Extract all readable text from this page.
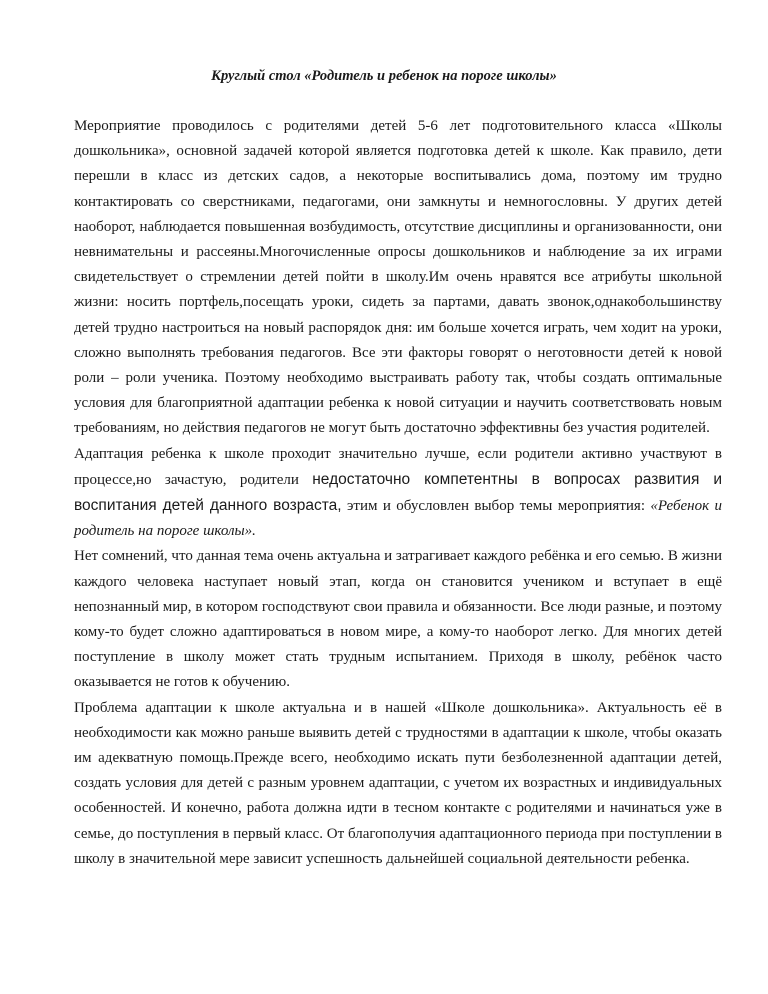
Круглый стол «Родитель и ребенок на пороге школы»

Мероприятие проводилось с родителями детей 5-6 лет подготовительного класса «Школы дошкольника», основной задачей которой является подготовка детей к школе. Как правило, дети перешли в класс из детских садов, а некоторые воспитывались дома, поэтому им трудно контактировать со сверстниками, педагогами, они замкнуты и немногословны. У других детей наоборот, наблюдается повышенная возбудимость, отсутствие дисциплины и организованности, они невнимательны и рассеяны.Многочисленные опросы дошкольников и наблюдение за их играми свидетельствует о стремлении детей пойти в школу.Им очень нравятся все атрибуты школьной жизни: носить портфель,посещать уроки, сидеть за партами, давать звонок,однакобольшинству детей трудно настроиться на новый распорядок дня: им больше хочется играть, чем ходит на уроки, сложно выполнять требования педагогов. Все эти факторы говорят о неготовности детей к новой роли – роли ученика. Поэтому необходимо выстраивать работу так, чтобы создать оптимальные условия для благоприятной адаптации ребенка к новой ситуации и научить соответствовать новым требованиям, но действия педагогов не могут быть достаточно эффективны без участия родителей.

Адаптация ребенка к школе проходит значительно лучше, если родители активно участвуют в процессе,но зачастую, родители недостаточно компетентны в вопросах развития и воспитания детей данного возраста, этим и обусловлен выбор темы мероприятия: «Ребенок и родитель на пороге школы».

Нет сомнений, что данная тема очень актуальна и затрагивает каждого ребёнка и его семью. В жизни каждого человека наступает новый этап, когда он становится учеником и вступает в ещё непознанный мир, в котором господствуют свои правила и обязанности. Все люди разные, и поэтому кому-то будет сложно адаптироваться в новом мире, а кому-то наоборот легко. Для многих детей поступление в школу может стать трудным испытанием. Приходя в школу, ребёнок часто оказывается не готов к обучению.

Проблема адаптации к школе актуальна и в нашей «Школе дошкольника». Актуальность её в необходимости как можно раньше выявить детей с трудностями в адаптации к школе, чтобы оказать им адекватную помощь.Прежде всего, необходимо искать пути безболезненной адаптации детей, создать условия для детей с разным уровнем адаптации, с учетом их возрастных и индивидуальных особенностей. И конечно, работа должна идти в тесном контакте с родителями и начинаться уже в семье, до поступления в первый класс. От благополучия адаптационного периода при поступлении в школу в значительной мере зависит успешность дальнейшей социальной деятельности ребенка.
